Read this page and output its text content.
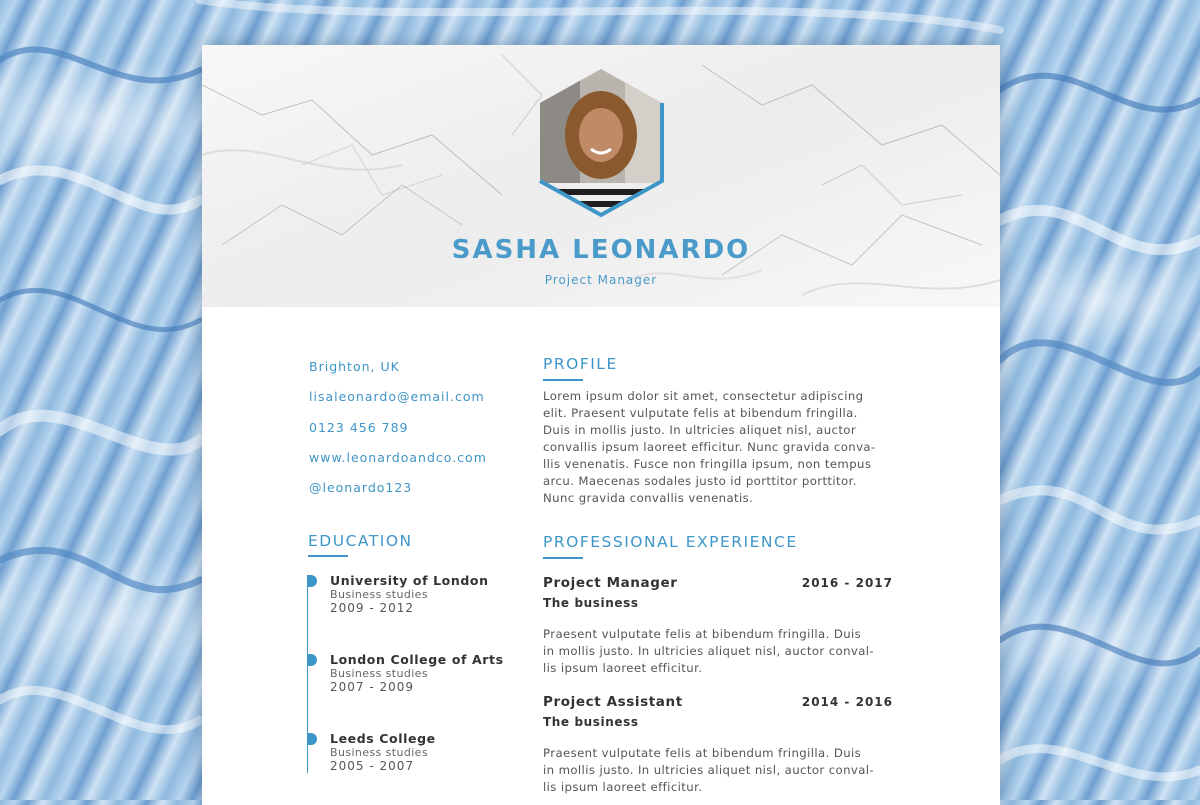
SASHA LEONARDO
Project Manager
Brighton, UK
lisaleonardo@email.com
0123 456 789
www.leonardoandco.com
@leonardo123
PROFILE
Lorem ipsum dolor sit amet, consectetur adipiscing
elit. Praesent vulputate felis at bibendum fringilla.
Duis in mollis justo. In ultricies aliquet nisl, auctor
convallis ipsum laoreet efficitur. Nunc gravida conva-
llis venenatis. Fusce non fringilla ipsum, non tempus
arcu. Maecenas sodales justo id porttitor porttitor.
Nunc gravida convallis venenatis.
EDUCATION
University of London
Business studies
2009 - 2012
London College of Arts
Business studies
2007 - 2009
Leeds College
Business studies
2005 - 2007
PROFESSIONAL EXPERIENCE
Project Manager	2016 - 2017
The business
Praesent vulputate felis at bibendum fringilla. Duis
in mollis justo. In ultricies aliquet nisl, auctor conval-
lis ipsum laoreet efficitur.
Project Assistant	2014 - 2016
The business
Praesent vulputate felis at bibendum fringilla. Duis
in mollis justo. In ultricies aliquet nisl, auctor conval-
lis ipsum laoreet efficitur.
